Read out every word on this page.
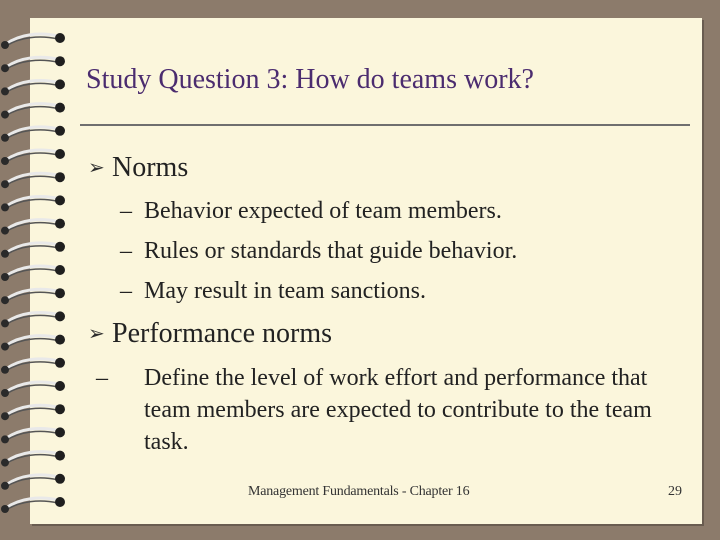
Study Question 3: How do teams work?
➢ Norms
– Behavior expected of team members.
– Rules or standards that guide behavior.
– May result in team sanctions.
➢ Performance norms
– Define the level of work effort and performance that team members are expected to contribute to the team task.
Management Fundamentals - Chapter 16	29
